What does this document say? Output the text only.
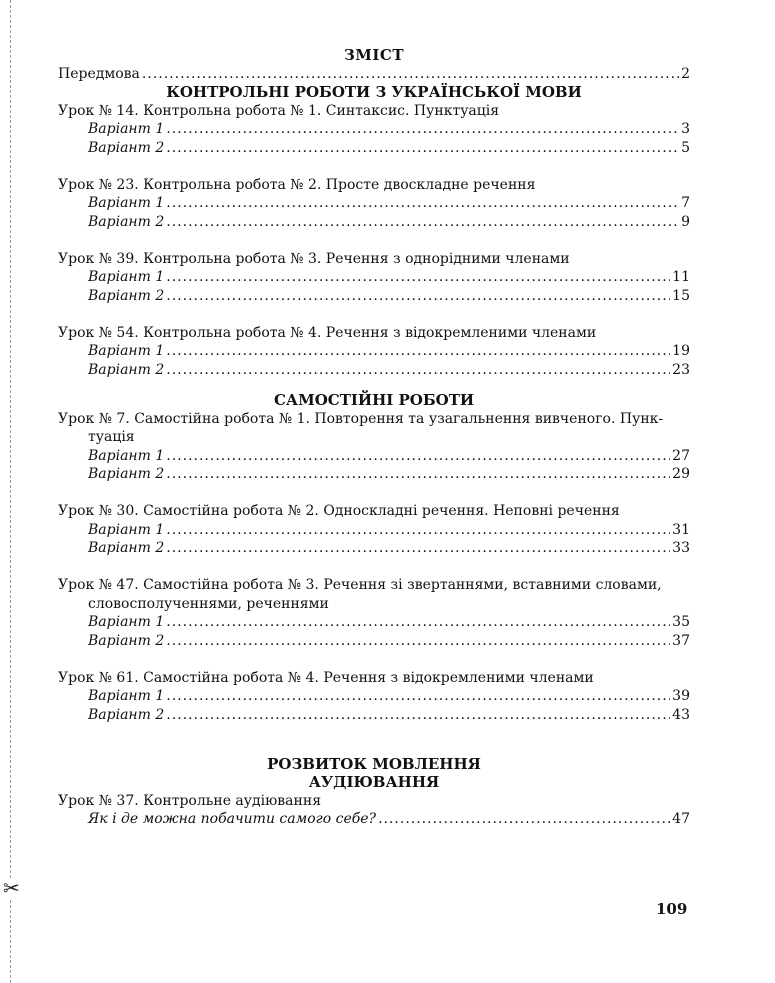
✂
ЗМІСТ
Передмова .....	2
КОНТРОЛЬНІ РОБОТИ З УКРАЇНСЬКОЇ МОВИ
Урок № 14. Контрольна робота № 1. Синтаксис. Пунктуація
Варіант 1 .....	3
Варіант 2 .....	5
Урок № 23. Контрольна робота № 2. Просте двоскладне речення
Варіант 1 .....	7
Варіант 2 .....	9
Урок № 39. Контрольна робота № 3. Речення з однорідними членами
Варіант 1 .....	11
Варіант 2 .....	15
Урок № 54. Контрольна робота № 4. Речення з відокремленими членами
Варіант 1 .....	19
Варіант 2 .....	23
САМОСТІЙНІ РОБОТИ
Урок № 7. Самостійна робота № 1. Повторення та узагальнення вивченого. Пунк-
туація
Варіант 1 .....	27
Варіант 2 .....	29
Урок № 30. Самостійна робота № 2. Односкладні речення. Неповні речення
Варіант 1 .....	31
Варіант 2 .....	33
Урок № 47. Самостійна робота № 3. Речення зі звертаннями, вставними словами,
словосполученнями, реченнями
Варіант 1 .....	35
Варіант 2 .....	37
Урок № 61. Самостійна робота № 4. Речення з відокремленими членами
Варіант 1 .....	39
Варіант 2 .....	43
РОЗВИТОК МОВЛЕННЯ
АУДІЮВАННЯ
Урок № 37. Контрольне аудіювання
Як і де можна побачити самого себе? .....	47
109
